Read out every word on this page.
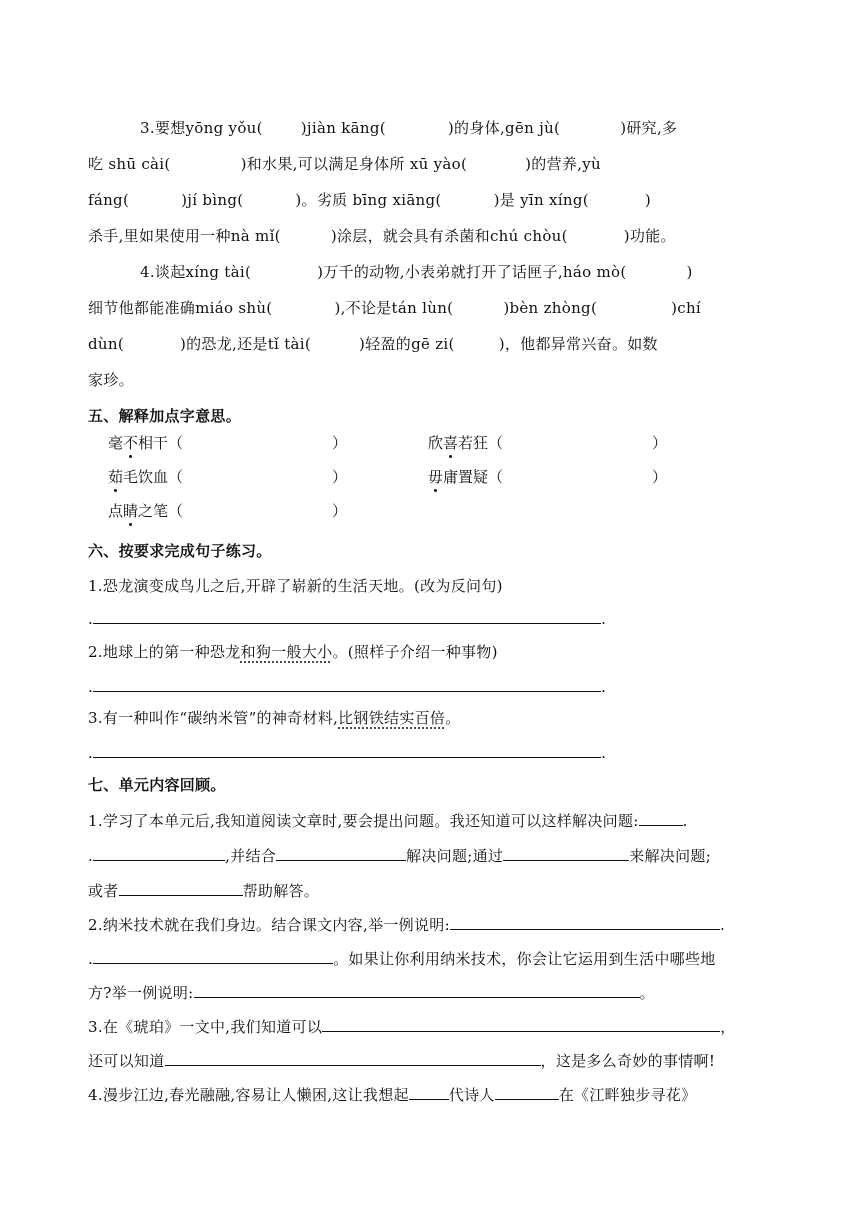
3.要想yōng yǒu(	)jiàn kāng(	)的身体,gēn jù(	)研究,多
吃 shū cài(	)和水果,可以满足身体所 xū yào(	)的营养,yù
fáng(	)jí bìng(	)。劣质 bīng xiāng(	)是 yīn xíng(	)
杀手,里如果使用一种nà mǐ(	)涂层，就会具有杀菌和chú chòu(	)功能。
4.谈起xíng tài(	)万千的动物,小表弟就打开了话匣子,háo mò(	)
细节他都能准确miáo shù(	),不论是tán lùn(	)bèn zhòng(	)chí
dùn(	)的恐龙,还是tǐ tài(	)轻盈的gē zi(	)，他都异常兴奋。如数
家珍。
五、解释加点字意思。
毫不相干（	）	欣喜若狂（	）
茹毛饮血（	）	毋庸置疑（	）
点睛之笔（	）
六、按要求完成句子练习。
1.恐龙演变成鸟儿之后,开辟了崭新的生活天地。(改为反问句)
.	.
2.地球上的第一种恐龙和狗一般大小。(照样子介绍一种事物)
.	.
3.有一种叫作“碳纳米管”的神奇材料,比钢铁结实百倍。
.	.
七、单元内容回顾。
1.学习了本单元后,我知道阅读文章时,要会提出问题。我还知道可以这样解决问题:	.
.	,并结合	解决问题;通过	来解决问题;
或者	帮助解答。
2.纳米技术就在我们身边。结合课文内容,举一例说明:	.
.	。如果让你利用纳米技术，你会让它运用到生活中哪些地
方?举一例说明:	。
3.在《琥珀》一文中,我们知道可以	，
还可以知道	，这是多么奇妙的事情啊!
4.漫步江边,春光融融,容易让人懒困,这让我想起	代诗人	在《江畔独步寻花》
